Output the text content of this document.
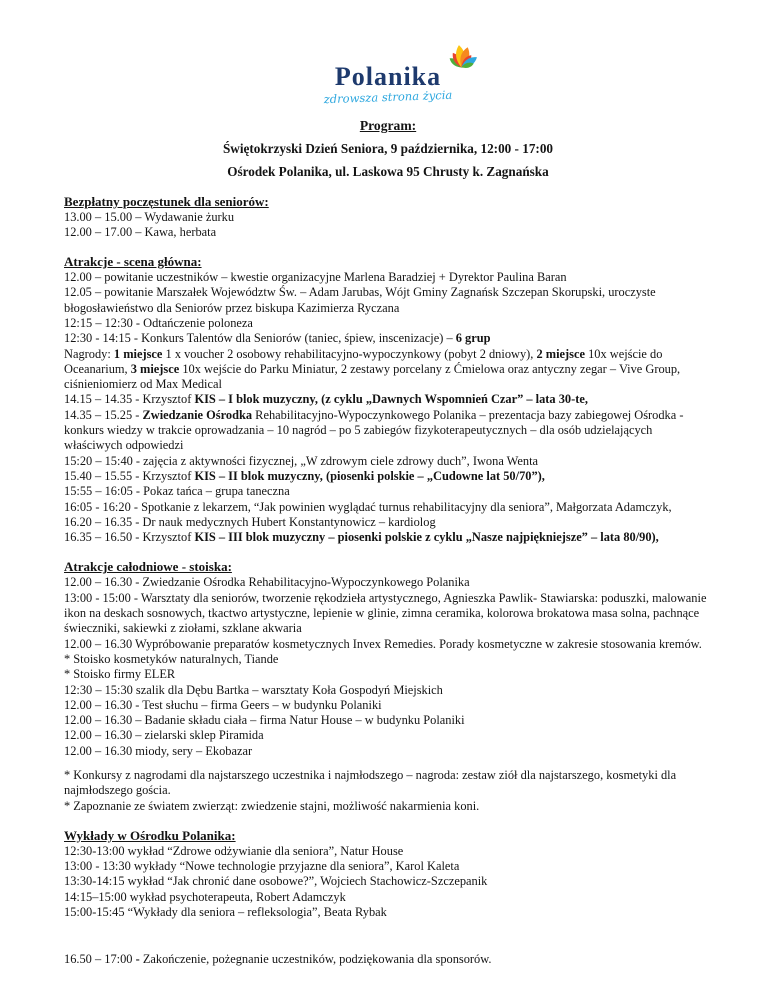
Polanika
zdrowsza strona życia
Program:
Świętokrzyski Dzień Seniora, 9 października, 12:00 - 17:00
Ośrodek Polanika, ul. Laskowa 95 Chrusty k. Zagnańska
Bezpłatny poczęstunek dla seniorów:

13.00 – 15.00 – Wydawanie żurku

12.00 – 17.00 – Kawa, herbata

Atrakcje - scena główna:

12.00 – powitanie uczestników – kwestie organizacyjne Marlena Baradziej + Dyrektor Paulina Baran

12.05 – powitanie Marszałek Województw Św. – Adam Jarubas, Wójt Gminy Zagnańsk Szczepan Skorupski, uroczyste błogosławieństwo dla Seniorów przez biskupa Kazimierza Ryczana

12:15 – 12:30 - Odtańczenie poloneza

12:30 - 14:15 - Konkurs Talentów dla Seniorów (taniec, śpiew, inscenizacje) – 6 grup

Nagrody: 1 miejsce 1 x voucher 2 osobowy rehabilitacyjno-wypoczynkowy (pobyt 2 dniowy), 2 miejsce 10x wejście do Oceanarium, 3 miejsce 10x wejście do Parku Miniatur, 2 zestawy porcelany z Ćmielowa oraz antyczny zegar – Vive Group, ciśnieniomierz od Max Medical

14.15 – 14.35 - Krzysztof KIS – I blok muzyczny, (z cyklu „Dawnych Wspomnień Czar” – lata 30-te,

14.35 – 15.25 - Zwiedzanie Ośrodka Rehabilitacyjno-Wypoczynkowego Polanika – prezentacja bazy zabiegowej Ośrodka - konkurs wiedzy w trakcie oprowadzania – 10 nagród – po 5 zabiegów fizykoterapeutycznych – dla osób udzielających właściwych odpowiedzi

15:20 – 15:40 - zajęcia z aktywności fizycznej, „W zdrowym ciele zdrowy duch”, Iwona Wenta

15.40 – 15.55 - Krzysztof KIS – II blok muzyczny, (piosenki polskie – „Cudowne lat 50/70”),

15:55 – 16:05 - Pokaz tańca – grupa taneczna

16:05 - 16:20 - Spotkanie z lekarzem, “Jak powinien wyglądać turnus rehabilitacyjny dla seniora”, Małgorzata Adamczyk,

16.20 – 16.35 - Dr nauk medycznych Hubert Konstantynowicz – kardiolog

16.35 – 16.50 - Krzysztof KIS – III blok muzyczny – piosenki polskie z cyklu „Nasze najpiękniejsze” – lata 80/90),

Atrakcje całodniowe - stoiska:

12.00 – 16.30 - Zwiedzanie Ośrodka Rehabilitacyjno-Wypoczynkowego Polanika

13:00 - 15:00 - Warsztaty dla seniorów, tworzenie rękodzieła artystycznego, Agnieszka Pawlik- Stawiarska: poduszki, malowanie ikon na deskach sosnowych, tkactwo artystyczne, lepienie w glinie, zimna ceramika, kolorowa brokatowa masa solna, pachnące świeczniki, sakiewki z ziołami, szklane akwaria

12.00 – 16.30 Wypróbowanie preparatów kosmetycznych Invex Remedies. Porady kosmetyczne w zakresie stosowania kremów.

* Stoisko kosmetyków naturalnych, Tiande

* Stoisko firmy ELER

12:30 – 15:30 szalik dla Dębu Bartka – warsztaty Koła Gospodyń Miejskich

12.00 – 16.30 - Test słuchu – firma Geers – w budynku Polaniki

12.00 – 16.30 – Badanie składu ciała – firma Natur House – w budynku Polaniki

12.00 – 16.30 – zielarski sklep Piramida

12.00 – 16.30 miody, sery – Ekobazar

* Konkursy z nagrodami dla najstarszego uczestnika i najmłodszego – nagroda: zestaw ziół dla najstarszego, kosmetyki dla najmłodszego gościa.

* Zapoznanie ze światem zwierząt: zwiedzenie stajni, możliwość nakarmienia koni.

Wykłady w Ośrodku Polanika:

12:30-13:00 wykład “Zdrowe odżywianie dla seniora”, Natur House

13:00 - 13:30 wykłady “Nowe technologie przyjazne dla seniora”, Karol Kaleta

13:30-14:15 wykład “Jak chronić dane osobowe?”, Wojciech Stachowicz-Szczepanik

14:15–15:00 wykład psychoterapeuta, Robert Adamczyk

15:00-15:45 “Wykłady dla seniora – refleksologia”, Beata Rybak

16.50 – 17:00 - Zakończenie, pożegnanie uczestników, podziękowania dla sponsorów.
